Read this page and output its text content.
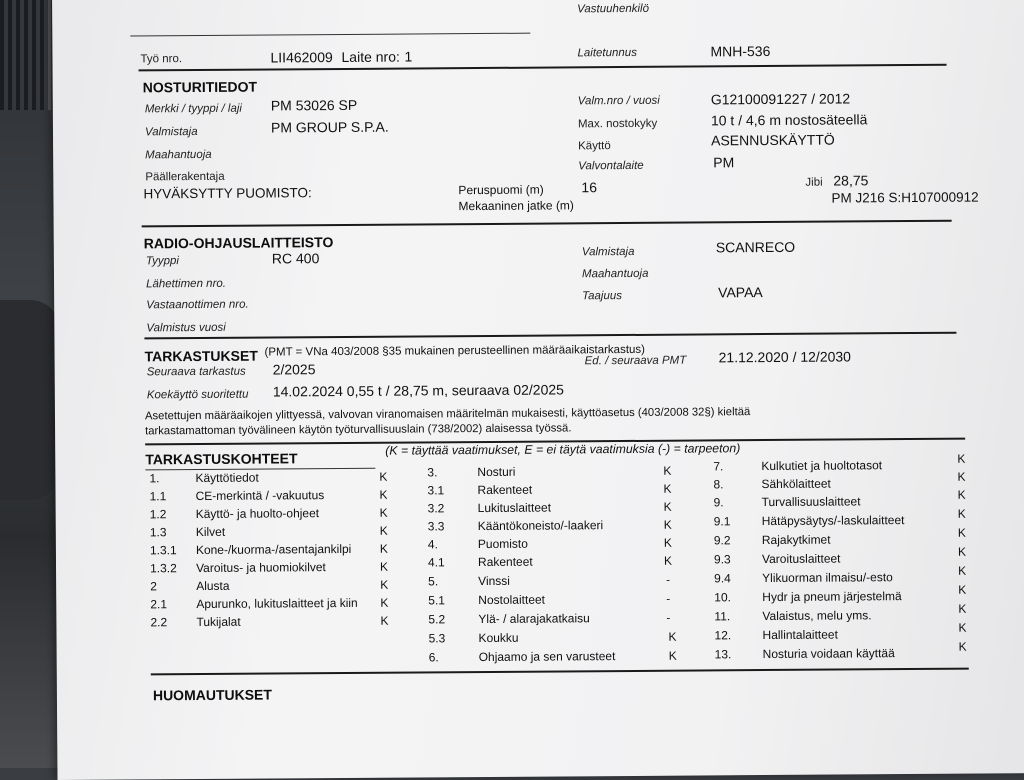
Vastuuhenkilö
Työ nro.	LII462009 Laite nro: 1	Laitetunnus	MNH-536
NOSTURITIEDOT
Merkki / tyyppi / laji PM 53026 SP
Valmistaja	PM GROUP S.P.A.
Maahantuoja
Päällerakentaja
Valm.nro / vuosi	G12100091227 / 2012
Max. nostokyky	10 t / 4,6 m nostosäteellä
Käyttö	ASENNUSKÄYTTÖ
Valvontalaite	PM
HYVÄKSYTTY PUOMISTO:	Peruspuomi (m)	16
Mekaaninen jatke (m)
Jibi 28,75
PM J216 S:H107000912
RADIO-OHJAUSLAITTEISTO
Tyyppi	RC 400
Lähettimen nro.
Vastaanottimen nro.
Valmistus vuosi
Valmistaja	SCANRECO
Maahantuoja
Taajuus	VAPAA
TARKASTUKSET (PMT = VNa 403/2008 §35 mukainen perusteellinen määräaikaistarkastus)
Seuraava tarkastus 2/2025
Ed. / seuraava PMT 21.12.2020 / 12/2030
Koekäyttö suoritettu 14.02.2024 0,55 t / 28,75 m, seuraava 02/2025
Asetettujen määräaikojen ylittyessä, valvovan viranomaisen määritelmän mukaisesti, käyttöasetus (403/2008 32§) kieltää
tarkastamattoman työvälineen käytön työturvallisuuslain (738/2002) alaisessa työssä.
TARKASTUSKOHTEET
(K = täyttää vaatimukset, E = ei täytä vaatimuksia (-) = tarpeeton)
1.	Käyttötiedot	K
1.1 CE-merkintä / -vakuutus	K
1.2 Käyttö- ja huolto-ohjeet	K
1.3 Kilvet	K
1.3.1 Kone-/kuorma-/asentajankilpi K
1.3.2 Varoitus- ja huomiokilvet	K
2	Alusta	K
2.1 Apurunko, lukituslaitteet ja kiin K
2.2 Tukijalat	K
3.	Nosturi	K
3.1	Rakenteet	K
3.2	Lukituslaitteet	K
3.3	Kääntökoneisto/-laakeri	K
4.	Puomisto	K
4.1	Rakenteet	K
5.	Vinssi	-
5.1	Nostolaitteet	-
5.2	Ylä- / alarajakatkaisu	-
5.3	Koukku	K
6.	Ohjaamo ja sen varusteet	K
7.	Kulkutiet ja huoltotasot	K
8.	Sähkölaitteet	K
9.	Turvallisuuslaitteet	K
9.1	Hätäpysäytys/-laskulaitteet	K
9.2	Rajakytkimet	K
9.3	Varoituslaitteet	K
9.4	Ylikuorman ilmaisu/-esto	K
10.	Hydr ja pneum järjestelmä	K
11.	Valaistus, melu yms.	K
12.	Hallintalaitteet	K
13.	Nosturia voidaan käyttää	K
HUOMAUTUKSET
